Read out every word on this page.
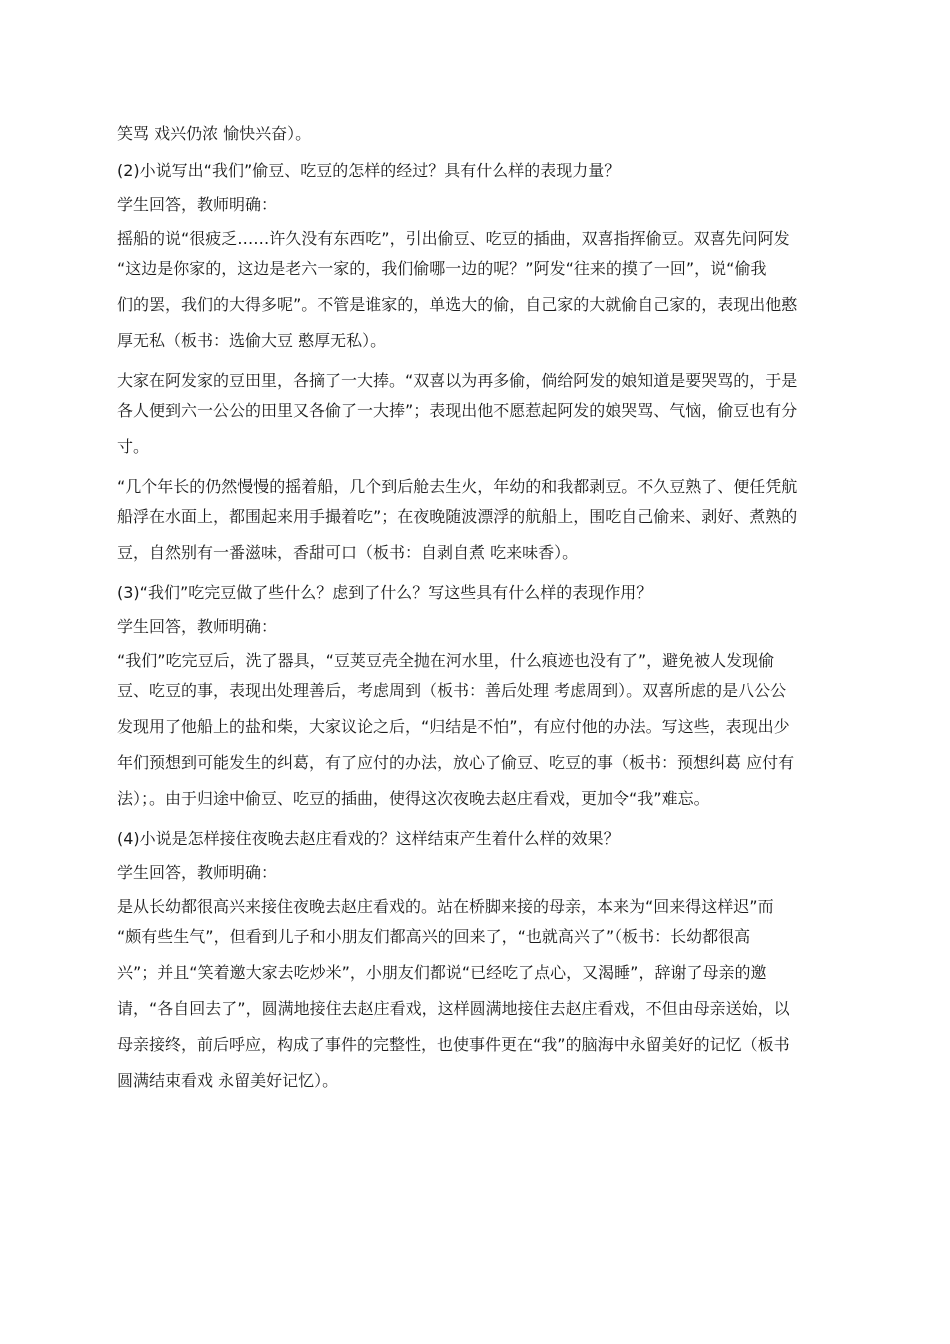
笑骂 戏兴仍浓 愉快兴奋）。
(2)小说写出“我们”偷豆、吃豆的怎样的经过？具有什么样的表现力量？
学生回答，教师明确：
摇船的说“很疲乏……许久没有东西吃”，引出偷豆、吃豆的插曲，双喜指挥偷豆。双喜先问阿发
“这边是你家的，这边是老六一家的，我们偷哪一边的呢？”阿发“往来的摸了一回”，说“偷我
们的罢，我们的大得多呢”。不管是谁家的，单选大的偷，自己家的大就偷自己家的，表现出他憨
厚无私（板书：选偷大豆 憨厚无私）。
大家在阿发家的豆田里，各摘了一大捧。“双喜以为再多偷，倘给阿发的娘知道是要哭骂的，于是
各人便到六一公公的田里又各偷了一大捧”；表现出他不愿惹起阿发的娘哭骂、气恼，偷豆也有分
寸。
“几个年长的仍然慢慢的摇着船，几个到后舱去生火，年幼的和我都剥豆。不久豆熟了、便任凭航
船浮在水面上，都围起来用手撮着吃”；在夜晚随波漂浮的航船上，围吃自己偷来、剥好、煮熟的
豆，自然别有一番滋味，香甜可口（板书：自剥自煮 吃来味香）。
(3)“我们”吃完豆做了些什么？虑到了什么？写这些具有什么样的表现作用？
学生回答，教师明确：
“我们”吃完豆后，洗了器具，“豆荚豆壳全抛在河水里，什么痕迹也没有了”，避免被人发现偷
豆、吃豆的事，表现出处理善后，考虑周到（板书：善后处理 考虑周到）。双喜所虑的是八公公
发现用了他船上的盐和柴，大家议论之后，“归结是不怕”，有应付他的办法。写这些，表现出少
年们预想到可能发生的纠葛，有了应付的办法，放心了偷豆、吃豆的事（板书：预想纠葛 应付有
法）；。由于归途中偷豆、吃豆的插曲，使得这次夜晚去赵庄看戏，更加令“我”难忘。
(4)小说是怎样接住夜晚去赵庄看戏的？这样结束产生着什么样的效果？
学生回答，教师明确：
是从长幼都很高兴来接住夜晚去赵庄看戏的。站在桥脚来接的母亲，本来为“回来得这样迟”而
“颇有些生气”，但看到儿子和小朋友们都高兴的回来了，“也就高兴了”（板书：长幼都很高
兴”；并且“笑着邀大家去吃炒米”，小朋友们都说“已经吃了点心，又渴睡”，辞谢了母亲的邀
请，“各自回去了”，圆满地接住去赵庄看戏，这样圆满地接住去赵庄看戏，不但由母亲送始，以
母亲接终，前后呼应，构成了事件的完整性，也使事件更在“我”的脑海中永留美好的记忆（板书
圆满结束看戏 永留美好记忆）。
